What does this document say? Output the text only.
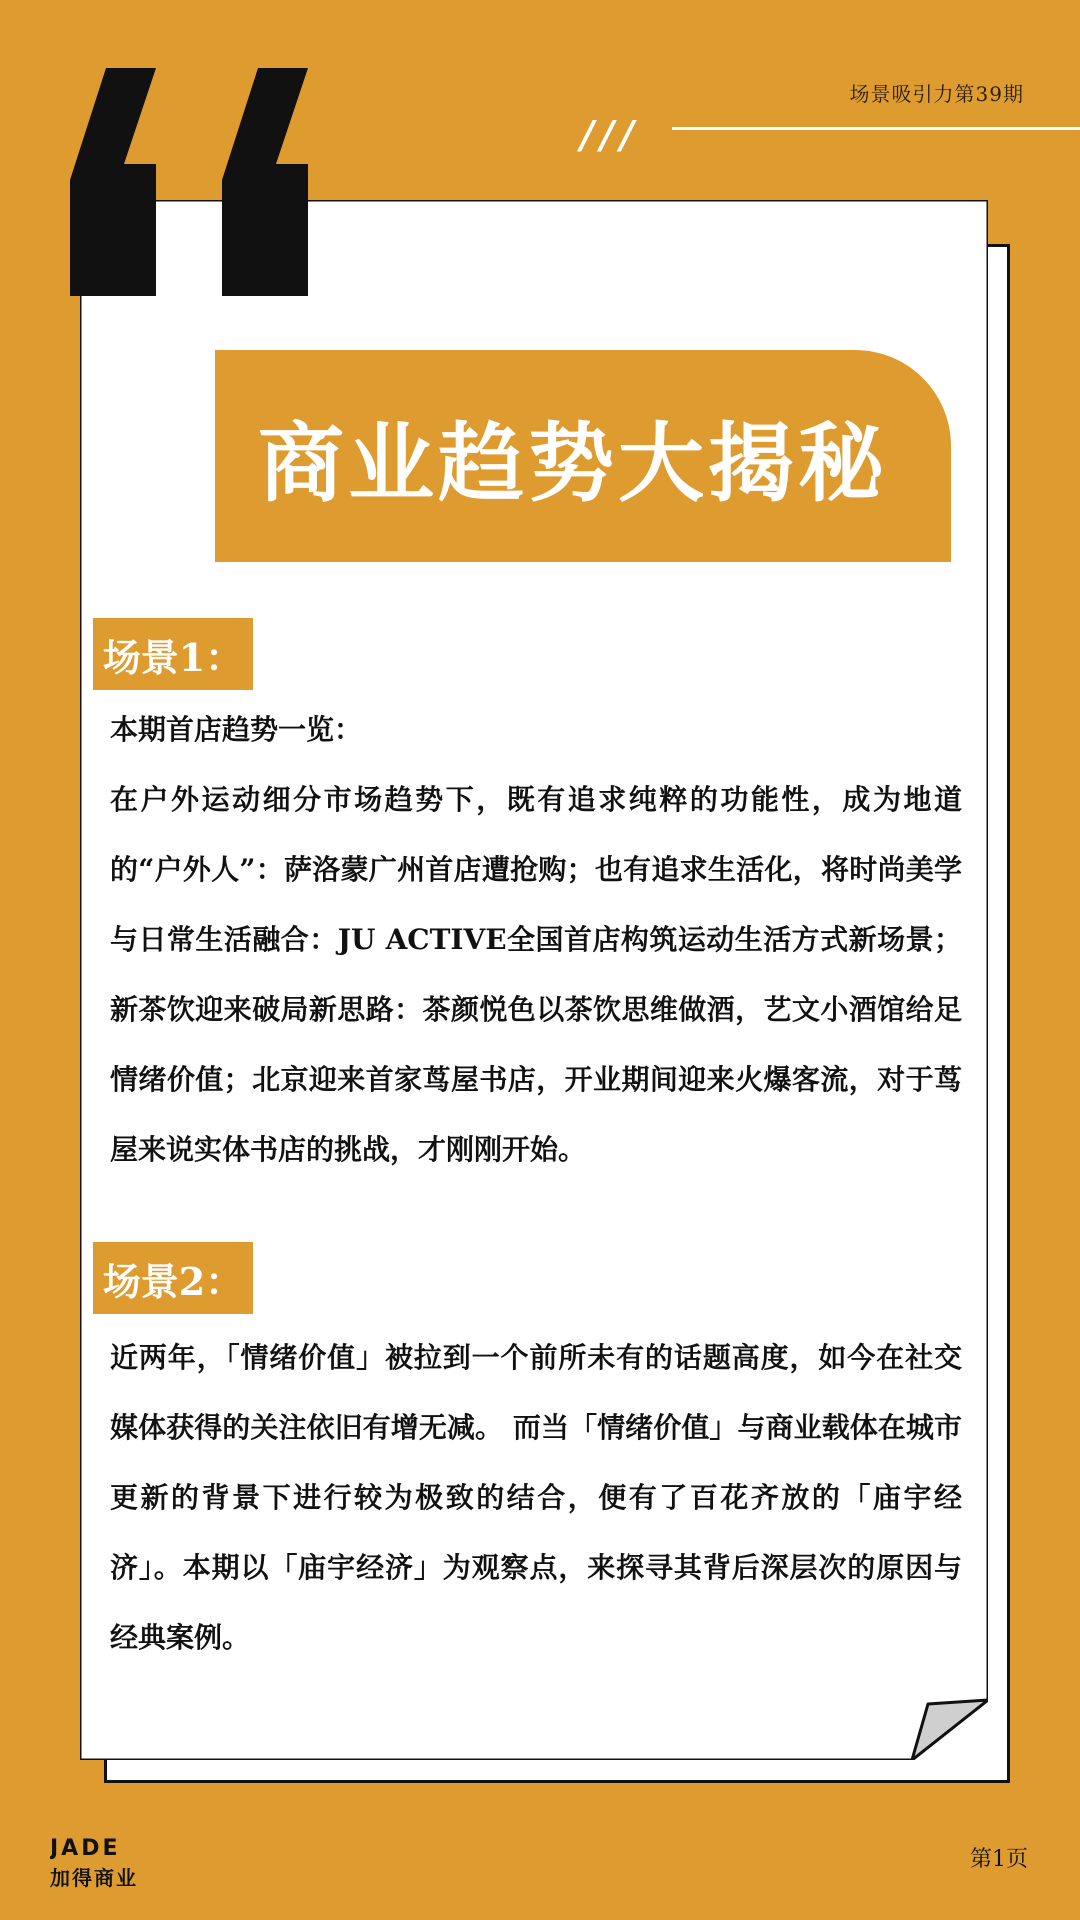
场景吸引力第39期
///
商业趋势大揭秘
场景1：

本期首店趋势一览：

在户外运动细分市场趋势下，既有追求纯粹的功能性，成为地道的“户外人”：萨洛蒙广州首店遭抢购；也有追求生活化，将时尚美学与日常生活融合：JU ACTIVE全国首店构筑运动生活方式新场景；新茶饮迎来破局新思路：茶颜悦色以茶饮思维做酒，艺文小酒馆给足情绪价值；北京迎来首家茑屋书店，开业期间迎来火爆客流，对于茑屋来说实体书店的挑战，才刚刚开始。

场景2：

近两年，「情绪价值」被拉到一个前所未有的话题高度，如今在社交媒体获得的关注依旧有增无减。 而当「情绪价值」与商业载体在城市更新的背景下进行较为极致的结合，便有了百花齐放的「庙宇经济」。本期以「庙宇经济」为观察点，来探寻其背后深层次的原因与经典案例。

JADE
加得商业
第1页
